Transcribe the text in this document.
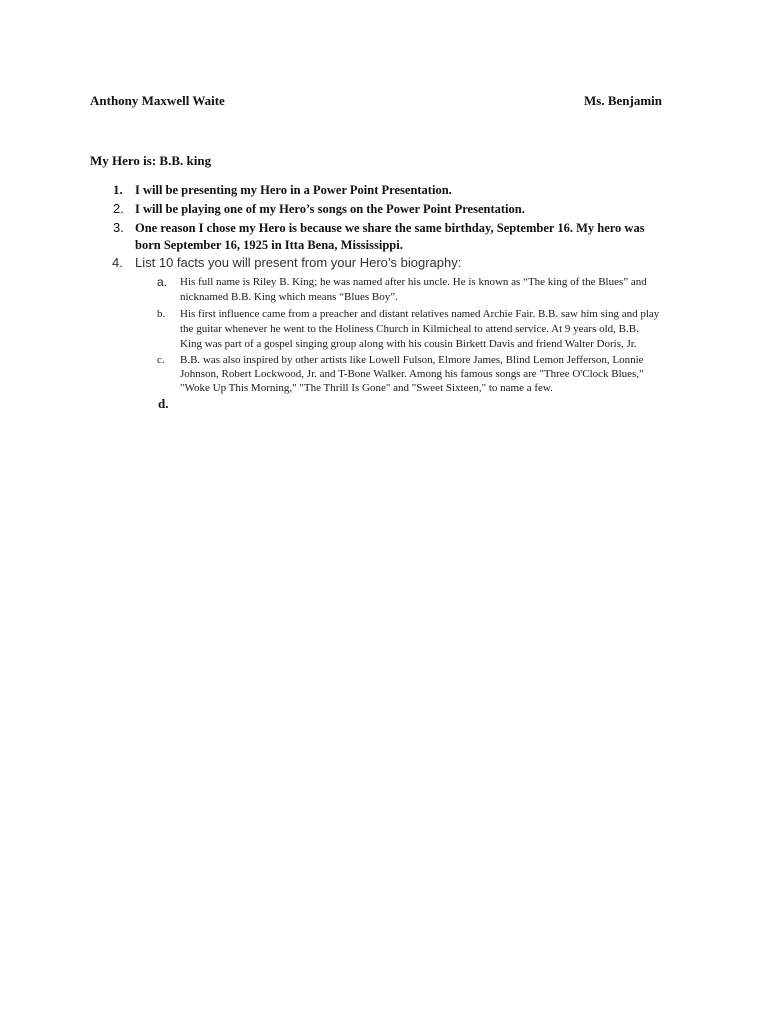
Anthony Maxwell Waite	Ms. Benjamin
My Hero is: B.B. king
1. I will be presenting my Hero in a Power Point Presentation.
2. I will be playing one of my Hero’s songs on the Power Point Presentation.
3. One reason I chose my Hero is because we share the same birthday, September 16. My hero was
born September 16, 1925 in Itta Bena, Mississippi.
4. List 10 facts you will present from your Hero’s biography:
a. His full name is Riley B. King; he was named after his uncle. He is known as “The king of the Blues” and
nicknamed B.B. King which means “Blues Boy”.
b. His first influence came from a preacher and distant relatives named Archie Fair. B.B. saw him sing and play
the guitar whenever he went to the Holiness Church in Kilmicheal to attend service. At 9 years old, B.B.
King was part of a gospel singing group along with his cousin Birkett Davis and friend Walter Doris, Jr.
c. B.B. was also inspired by other artists like Lowell Fulson, Elmore James, Blind Lemon Jefferson, Lonnie
Johnson, Robert Lockwood, Jr. and T-Bone Walker. Among his famous songs are "Three O'Clock Blues,"
"Woke Up This Morning," "The Thrill Is Gone" and "Sweet Sixteen," to name a few.
d.
